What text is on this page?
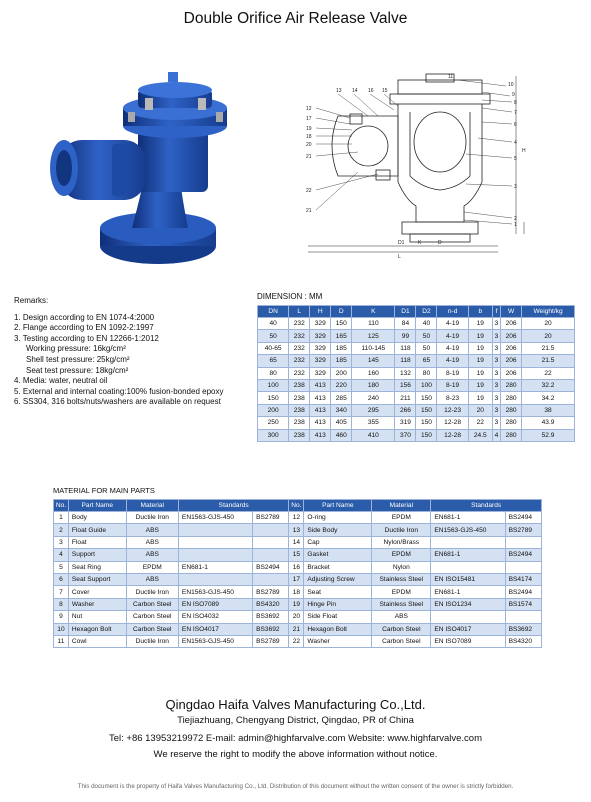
Double Orifice Air Release Valve
13 14 16 15
12
17
19
18
20
21
22
21
11
10
9
8
7
6
4
5
3
2
1
D1	K	D
L
H
Remarks:
1. Design according to EN 1074-4:2000
2. Flange according to EN 1092-2:1997
3. Testing according to EN 12266-1:2012
Working pressure: 16kg/cm²
Shell test pressure: 25kg/cm²
Seat test pressure: 18kg/cm²
4. Media: water, neutral oil
5. External and internal coating:100% fusion-bonded epoxy
6. SS304, 316 bolts/nuts/washers are available on request
DIMENSION : MM
DN	L	H	D	K	D1	D2	n-d	b	f	W	Weight/kg
40	232	329	150	110	84	40	4-19	19	3	206	20
50	232	329	165	125	99	50	4-19	19	3	206	20
40-65	232	329	185	110-145	118	50	4-19	19	3	206	21.5
65	232	329	185	145	118	65	4-19	19	3	206	21.5
80	232	329	200	160	132	80	8-19	19	3	206	22
100	238	413	220	180	156	100	8-19	19	3	280	32.2
150	238	413	285	240	211	150	8-23	19	3	280	34.2
200	238	413	340	295	266	150	12-23	20	3	280	38
250	238	413	405	355	319	150	12-28	22	3	280	43.9
300	238	413	460	410	370	150	12-28	24.5	4	280	52.9
MATERIAL FOR MAIN PARTS
No.	Part Name	Material	Standards		No.	Part Name	Material	Standards	
1	Body	Ductile Iron	EN1563-GJS-450	BS2789	12	O-ring	EPDM	EN681-1	BS2494
2	Float Guide	ABS			13	Side Body	Ductile Iron	EN1563-GJS-450	BS2789
3	Float	ABS			14	Cap	Nylon/Brass		
4	Support	ABS			15	Gasket	EPDM	EN681-1	BS2494
5	Seat Ring	EPDM	EN681-1	BS2494	16	Bracket	Nylon		
6	Seat Support	ABS			17	Adjusting Screw	Stainless Steel	EN ISO15481	BS4174
7	Cover	Ductile Iron	EN1563-GJS-450	BS2789	18	Seat	EPDM	EN681-1	BS2494
8	Washer	Carbon Steel	EN ISO7089	BS4320	19	Hinge Pin	Stainless Steel	EN ISO1234	BS1574
9	Nut	Carbon Steel	EN ISO4032	BS3692	20	Side Float	ABS		
10	Hexagon Bolt	Carbon Steel	EN ISO4017	BS3692	21	Hexagon Bolt	Carbon Steel	EN ISO4017	BS3692
11	Cowl	Ductile Iron	EN1563-GJS-450	BS2789	22	Washer	Carbon Steel	EN ISO7089	BS4320
Qingdao Haifa Valves Manufacturing Co.,Ltd.
Tiejiazhuang, Chengyang District, Qingdao, PR of China
Tel: +86 13953219972 E-mail: admin@highfarvalve.com Website: www.highfarvalve.com
We reserve the right to modify the above information without notice.
This document is the property of Haifa Valves Manufacturing Co., Ltd. Distribution of this document without the written consent of the owner is strictly forbidden.
